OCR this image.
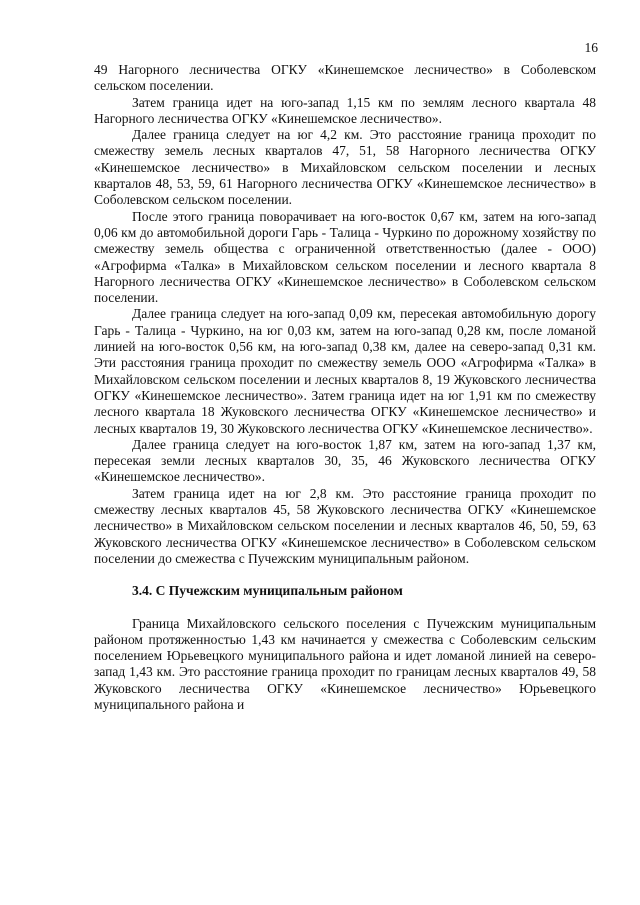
16

49 Нагорного лесничества ОГКУ «Кинешемское лесничество» в Соболевском сельском поселении.

Затем граница идет на юго-запад 1,15 км по землям лесного квартала 48 Нагорного лесничества ОГКУ «Кинешемское лесничество».

Далее граница следует на юг 4,2 км. Это расстояние граница проходит по смежеству земель лесных кварталов 47, 51, 58 Нагорного лесничества ОГКУ «Кинешемское лесничество» в Михайловском сельском поселении и лесных кварталов 48, 53, 59, 61 Нагорного лесничества ОГКУ «Кинешемское лесничество» в Соболевском сельском поселении.

После этого граница поворачивает на юго-восток 0,67 км, затем на юго-запад 0,06 км до автомобильной дороги Гарь - Талица - Чуркино по дорожному хозяйству по смежеству земель общества с ограниченной ответственностью (далее - ООО) «Агрофирма «Талка» в Михайловском сельском поселении и лесного квартала 8 Нагорного лесничества ОГКУ «Кинешемское лесничество» в Соболевском сельском поселении.

Далее граница следует на юго-запад 0,09 км, пересекая автомобильную дорогу Гарь - Талица - Чуркино, на юг 0,03 км, затем на юго-запад 0,28 км, после ломаной линией на юго-восток 0,56 км, на юго-запад 0,38 км, далее на северо-запад 0,31 км. Эти расстояния граница проходит по смежеству земель ООО «Агрофирма «Талка» в Михайловском сельском поселении и лесных кварталов 8, 19 Жуковского лесничества ОГКУ «Кинешемское лесничество». Затем граница идет на юг 1,91 км по смежеству лесного квартала 18 Жуковского лесничества ОГКУ «Кинешемское лесничество» и лесных кварталов 19, 30 Жуковского лесничества ОГКУ «Кинешемское лесничество».

Далее граница следует на юго-восток 1,87 км, затем на юго-запад 1,37 км, пересекая земли лесных кварталов 30, 35, 46 Жуковского лесничества ОГКУ «Кинешемское лесничество».

Затем граница идет на юг 2,8 км. Это расстояние граница проходит по смежеству лесных кварталов 45, 58 Жуковского лесничества ОГКУ «Кинешемское лесничество» в Михайловском сельском поселении и лесных кварталов 46, 50, 59, 63 Жуковского лесничества ОГКУ «Кинешемское лесничество» в Соболевском сельском поселении до смежества с Пучежским муниципальным районом.

3.4. С Пучежским муниципальным районом

Граница Михайловского сельского поселения с Пучежским муниципальным районом протяженностью 1,43 км начинается у смежества с Соболевским сельским поселением Юрьевецкого муниципального района и идет ломаной линией на северо-запад 1,43 км. Это расстояние граница проходит по границам лесных кварталов 49, 58 Жуковского лесничества ОГКУ «Кинешемское лесничество» Юрьевецкого муниципального района и
